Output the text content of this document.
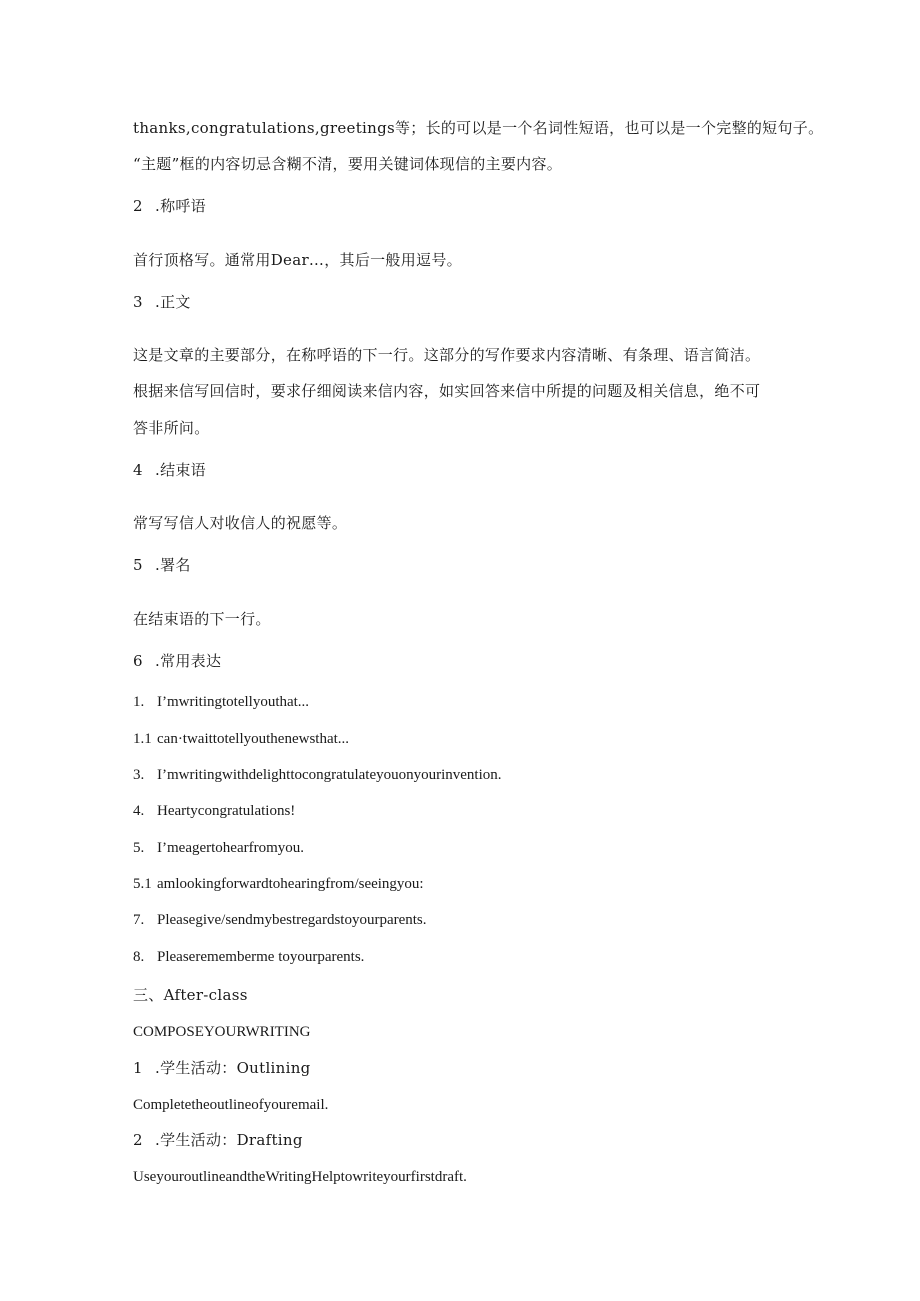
thanks,congratulations,greetings等；长的可以是一个名词性短语，也可以是一个完整的短句子。
“主题”框的内容切忌含糊不清，要用关键词体现信的主要内容。
2 .称呼语
首行顶格写。通常用Dear…，其后一般用逗号。
3 .正文
这是文章的主要部分，在称呼语的下一行。这部分的写作要求内容清晰、有条理、语言简洁。
根据来信写回信时，要求仔细阅读来信内容，如实回答来信中所提的问题及相关信息，绝不可
答非所问。
4 .结束语
常写写信人对收信人的祝愿等。
5 .署名
在结束语的下一行。
6 .常用表达
1. I’mwritingtotellyouthat...
1.1 can·twaittotellyouthenewsthat...
3. I’mwritingwithdelighttocongratulateyouonyourinvention.
4. Heartycongratulations!
5. I’meagertohearfromyou.
5.1 amlookingforwardtohearingfrom/seeingyou:
7. Pleasegive/sendmybestregardstoyourparents.
8. Pleaserememberme toyourparents.
三、After-class
COMPOSEYOURWRITING
1 .学生活动：Outlining
Completetheoutlineofyouremail.
2 .学生活动：Drafting
UseyouroutlineandtheWritingHelptowriteyourfirstdraft.
